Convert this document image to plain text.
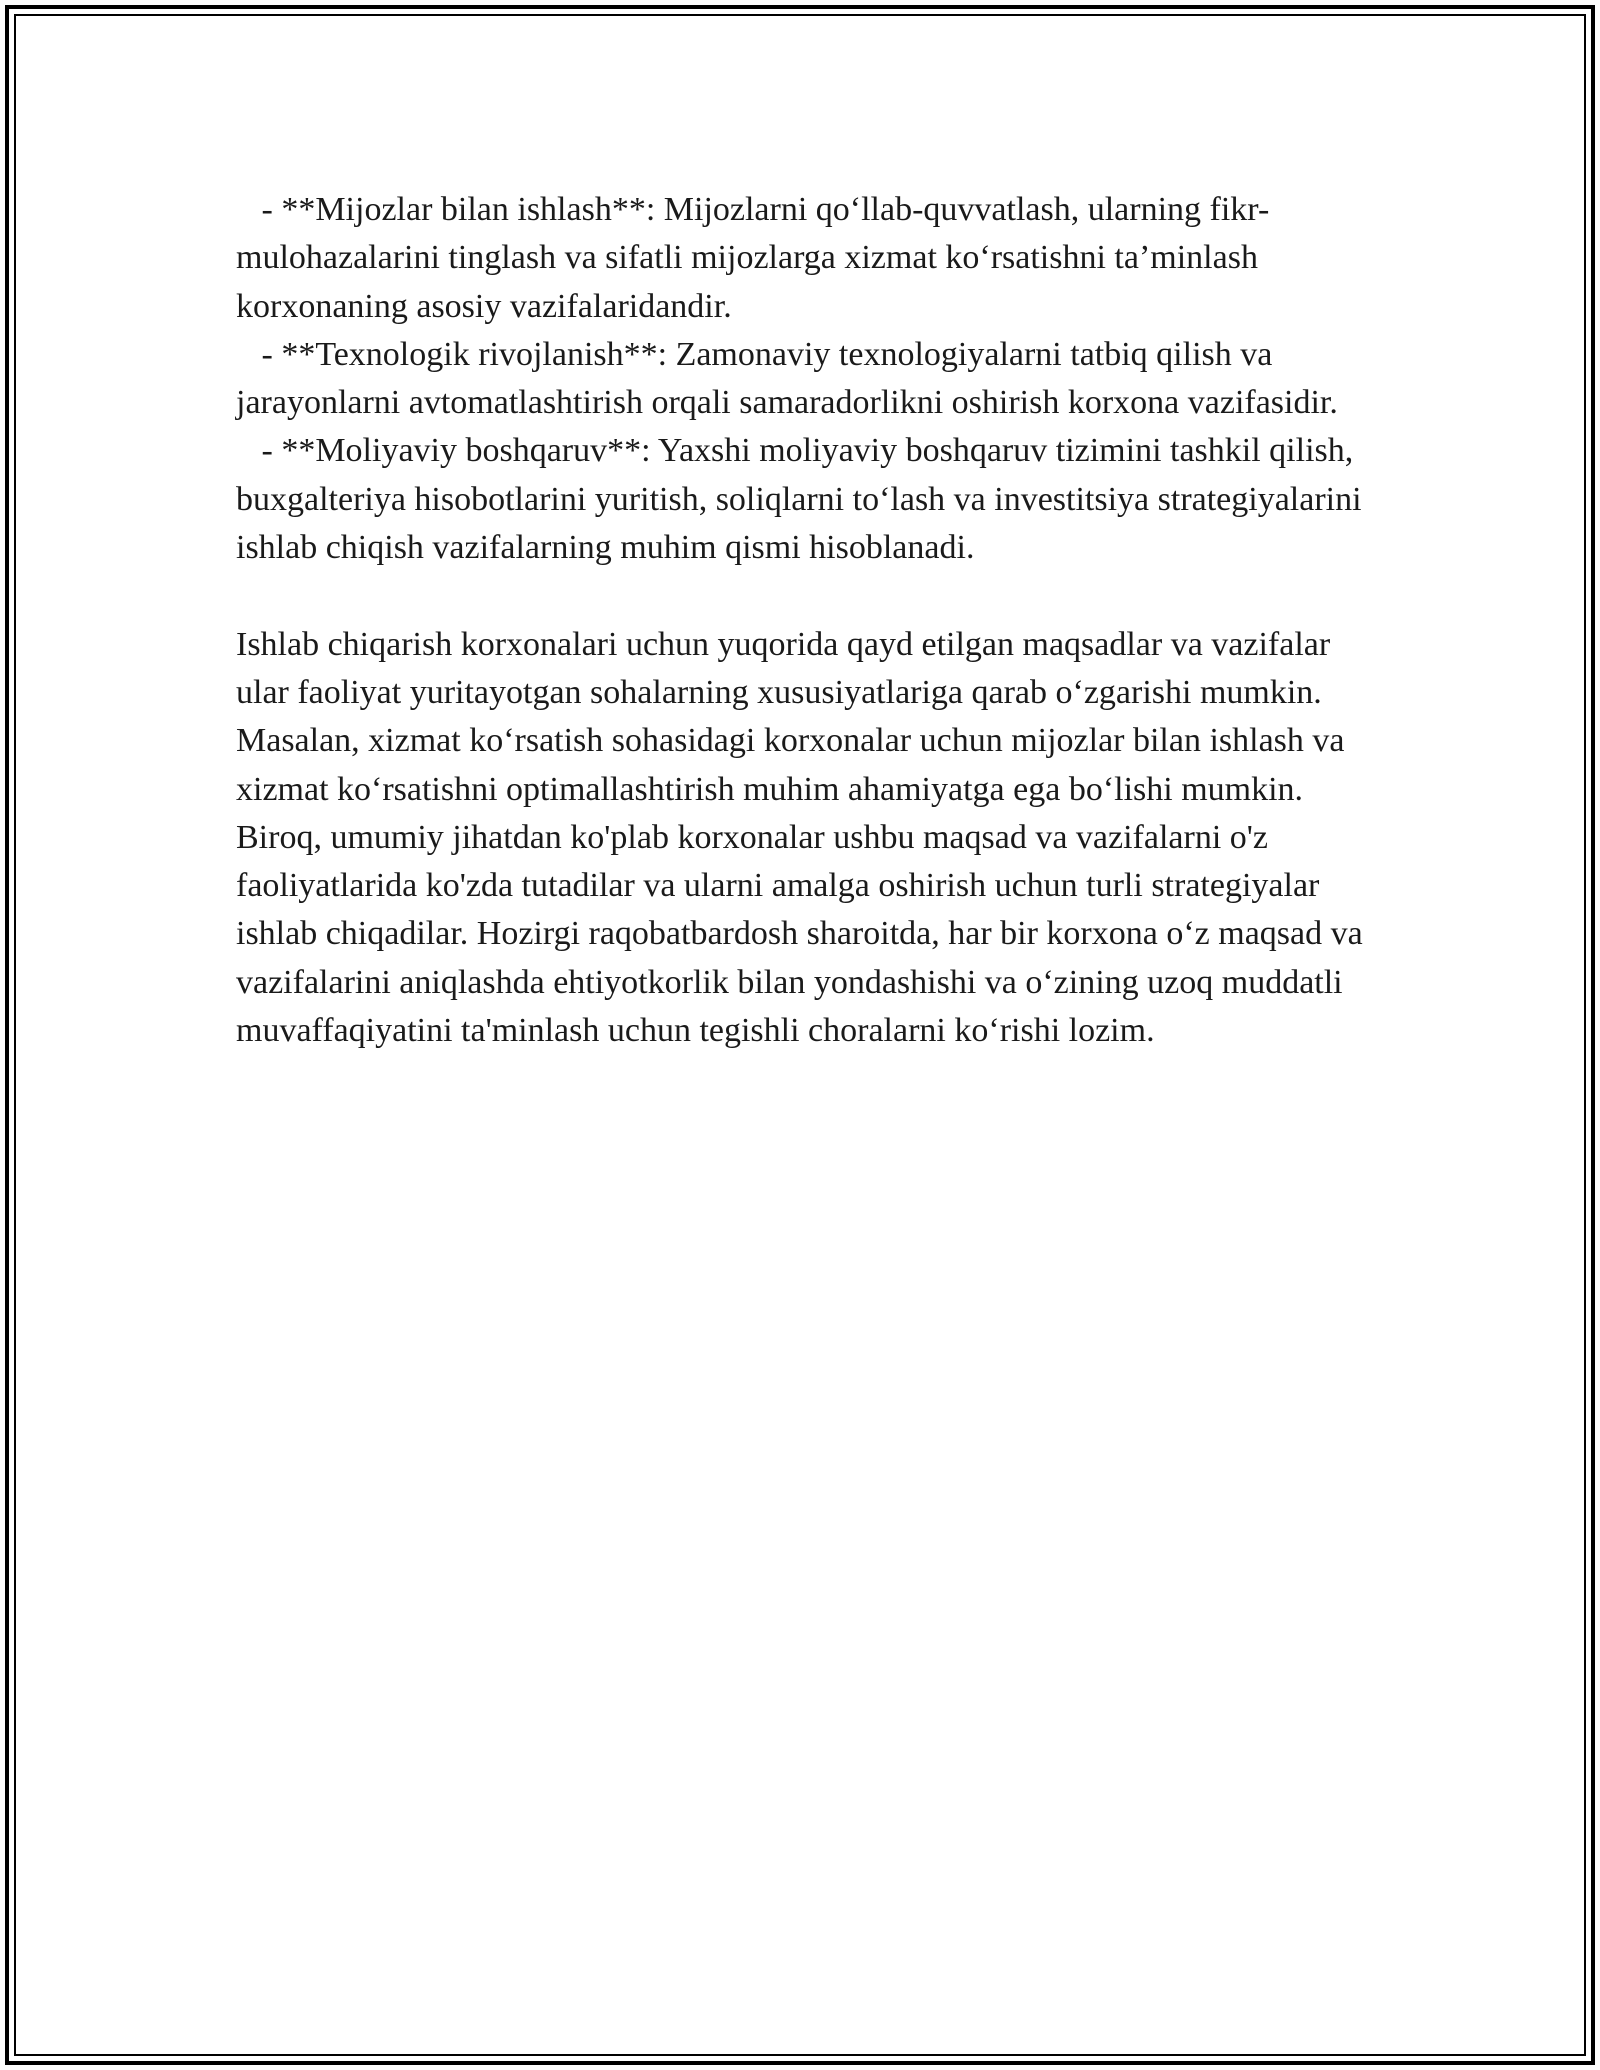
- **Mijozlar bilan ishlash**: Mijozlarni qo‘llab-quvvatlash, ularning fikr-mulohazalarini tinglash va sifatli mijozlarga xizmat ko‘rsatishni ta’minlash korxonaning asosiy vazifalaridandir.

- **Texnologik rivojlanish**: Zamonaviy texnologiyalarni tatbiq qilish va jarayonlarni avtomatlashtirish orqali samaradorlikni oshirish korxona vazifasidir.

- **Moliyaviy boshqaruv**: Yaxshi moliyaviy boshqaruv tizimini tashkil qilish, buxgalteriya hisobotlarini yuritish, soliqlarni to‘lash va investitsiya strategiyalarini ishlab chiqish vazifalarning muhim qismi hisoblanadi.

Ishlab chiqarish korxonalari uchun yuqorida qayd etilgan maqsadlar va vazifalar ular faoliyat yuritayotgan sohalarning xususiyatlariga qarab o‘zgarishi mumkin. Masalan, xizmat ko‘rsatish sohasidagi korxonalar uchun mijozlar bilan ishlash va xizmat ko‘rsatishni optimallashtirish muhim ahamiyatga ega bo‘lishi mumkin. Biroq, umumiy jihatdan ko'plab korxonalar ushbu maqsad va vazifalarni o'z faoliyatlarida ko'zda tutadilar va ularni amalga oshirish uchun turli strategiyalar ishlab chiqadilar. Hozirgi raqobatbardosh sharoitda, har bir korxona o‘z maqsad va vazifalarini aniqlashda ehtiyotkorlik bilan yondashishi va o‘zining uzoq muddatli muvaffaqiyatini ta'minlash uchun tegishli choralarni ko‘rishi lozim.
